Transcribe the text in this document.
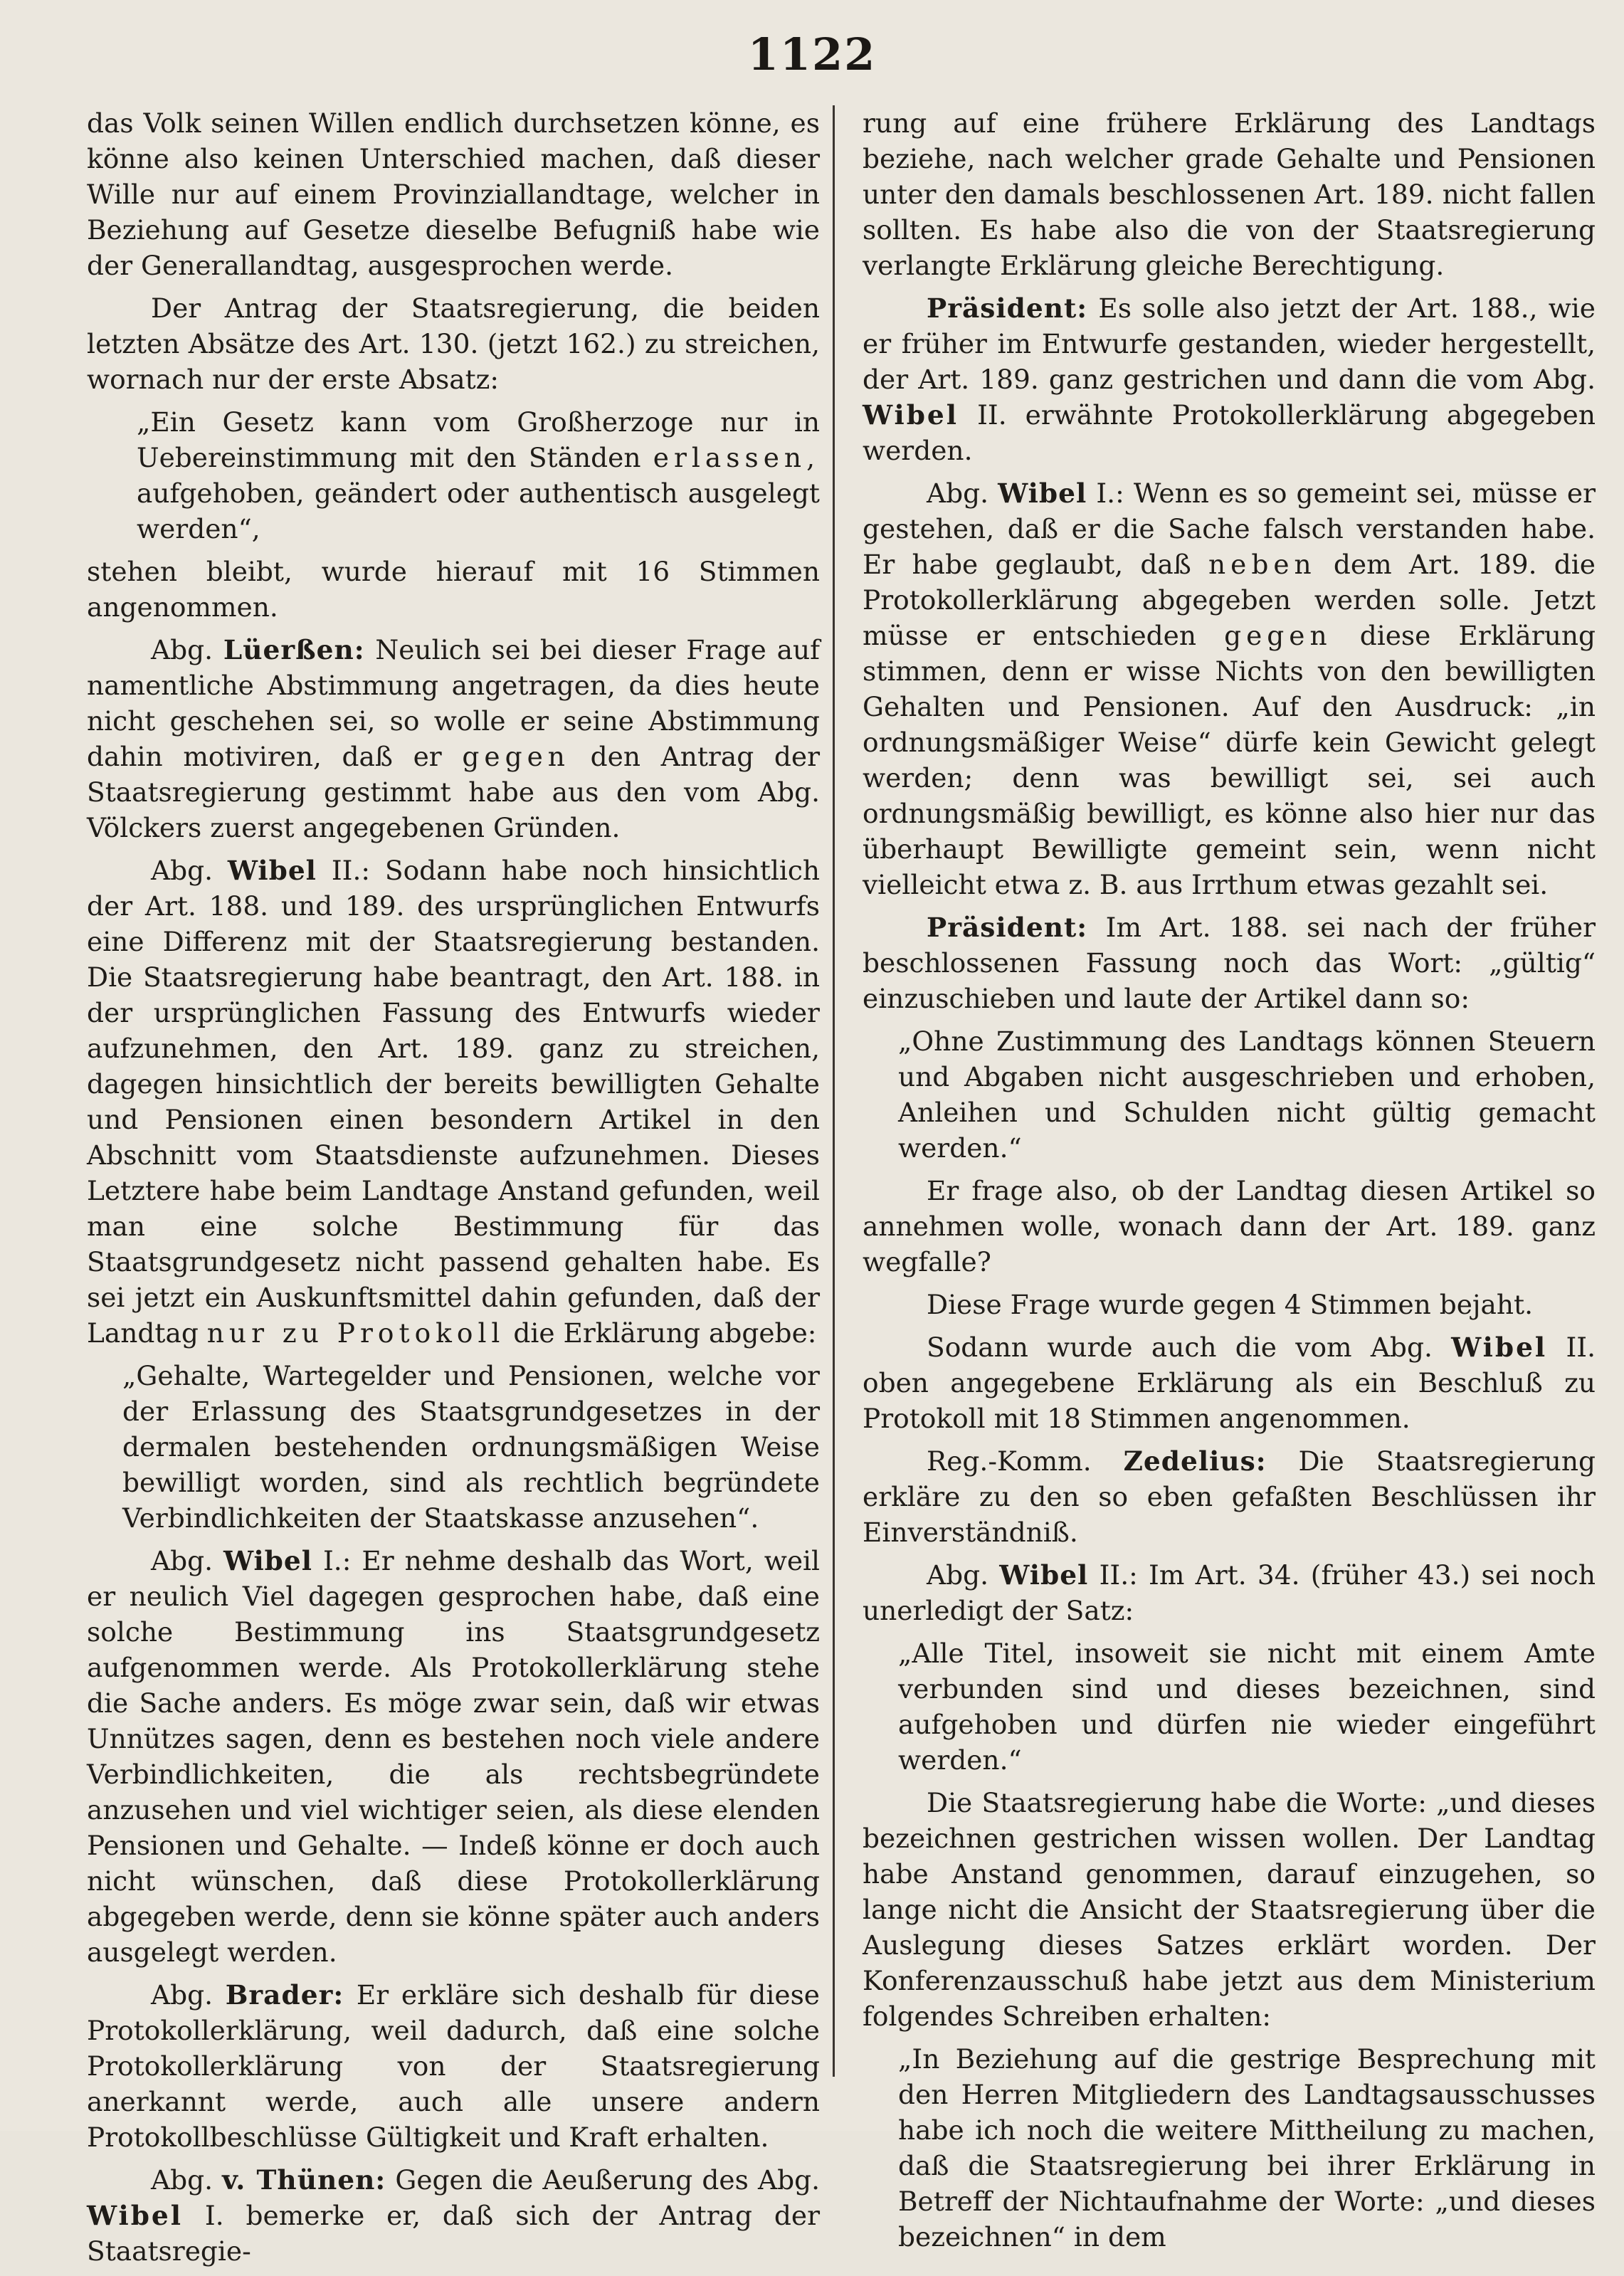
1122

das Volk seinen Willen endlich durchsetzen könne, es könne also keinen Unterschied machen, daß dieser Wille nur auf einem Provinziallandtage, welcher in Beziehung auf Gesetze dieselbe Befugniß habe wie der Generallandtag, ausgesprochen werde.

Der Antrag der Staatsregierung, die beiden letzten Absätze des Art. 130. (jetzt 162.) zu streichen, wornach nur der erste Absatz:

„Ein Gesetz kann vom Großherzoge nur in Uebereinstimmung mit den Ständen erlassen, aufgehoben, geändert oder authentisch ausgelegt werden“,

stehen bleibt, wurde hierauf mit 16 Stimmen angenommen.

Abg. Lüerßen: Neulich sei bei dieser Frage auf namentliche Abstimmung angetragen, da dies heute nicht geschehen sei, so wolle er seine Abstimmung dahin motiviren, daß er gegen den Antrag der Staatsregierung gestimmt habe aus den vom Abg. Völckers zuerst angegebenen Gründen.

Abg. Wibel II.: Sodann habe noch hinsichtlich der Art. 188. und 189. des ursprünglichen Entwurfs eine Differenz mit der Staatsregierung bestanden. Die Staatsregierung habe beantragt, den Art. 188. in der ursprünglichen Fassung des Entwurfs wieder aufzunehmen, den Art. 189. ganz zu streichen, dagegen hinsichtlich der bereits bewilligten Gehalte und Pensionen einen besondern Artikel in den Abschnitt vom Staatsdienste aufzunehmen. Dieses Letztere habe beim Landtage Anstand gefunden, weil man eine solche Bestimmung für das Staatsgrundgesetz nicht passend gehalten habe. Es sei jetzt ein Auskunftsmittel dahin gefunden, daß der Landtag nur zu Protokoll die Erklärung abgebe:

„Gehalte, Wartegelder und Pensionen, welche vor der Erlassung des Staatsgrundgesetzes in der dermalen bestehenden ordnungsmäßigen Weise bewilligt worden, sind als rechtlich begründete Verbindlichkeiten der Staatskasse anzusehen“.

Abg. Wibel I.: Er nehme deshalb das Wort, weil er neulich Viel dagegen gesprochen habe, daß eine solche Bestimmung ins Staatsgrundgesetz aufgenommen werde. Als Protokollerklärung stehe die Sache anders. Es möge zwar sein, daß wir etwas Unnützes sagen, denn es bestehen noch viele andere Verbindlichkeiten, die als rechtsbegründete anzusehen und viel wichtiger seien, als diese elenden Pensionen und Gehalte. — Indeß könne er doch auch nicht wünschen, daß diese Protokollerklärung abgegeben werde, denn sie könne später auch anders ausgelegt werden.

Abg. Brader: Er erkläre sich deshalb für diese Protokollerklärung, weil dadurch, daß eine solche Protokollerklärung von der Staatsregierung anerkannt werde, auch alle unsere andern Protokollbeschlüsse Gültigkeit und Kraft erhalten.

Abg. v. Thünen: Gegen die Aeußerung des Abg. Wibel I. bemerke er, daß sich der Antrag der Staatsregie-

rung auf eine frühere Erklärung des Landtags beziehe, nach welcher grade Gehalte und Pensionen unter den damals beschlossenen Art. 189. nicht fallen sollten. Es habe also die von der Staatsregierung verlangte Erklärung gleiche Berechtigung.

Präsident: Es solle also jetzt der Art. 188., wie er früher im Entwurfe gestanden, wieder hergestellt, der Art. 189. ganz gestrichen und dann die vom Abg. Wibel II. erwähnte Protokollerklärung abgegeben werden.

Abg. Wibel I.: Wenn es so gemeint sei, müsse er gestehen, daß er die Sache falsch verstanden habe. Er habe geglaubt, daß neben dem Art. 189. die Protokollerklärung abgegeben werden solle. Jetzt müsse er entschieden gegen diese Erklärung stimmen, denn er wisse Nichts von den bewilligten Gehalten und Pensionen. Auf den Ausdruck: „in ordnungsmäßiger Weise“ dürfe kein Gewicht gelegt werden; denn was bewilligt sei, sei auch ordnungsmäßig bewilligt, es könne also hier nur das überhaupt Bewilligte gemeint sein, wenn nicht vielleicht etwa z. B. aus Irrthum etwas gezahlt sei.

Präsident: Im Art. 188. sei nach der früher beschlossenen Fassung noch das Wort: „gültig“ einzuschieben und laute der Artikel dann so:

„Ohne Zustimmung des Landtags können Steuern und Abgaben nicht ausgeschrieben und erhoben, Anleihen und Schulden nicht gültig gemacht werden.“

Er frage also, ob der Landtag diesen Artikel so annehmen wolle, wonach dann der Art. 189. ganz wegfalle?

Diese Frage wurde gegen 4 Stimmen bejaht.

Sodann wurde auch die vom Abg. Wibel II. oben angegebene Erklärung als ein Beschluß zu Protokoll mit 18 Stimmen angenommen.

Reg.-Komm. Zedelius: Die Staatsregierung erkläre zu den so eben gefaßten Beschlüssen ihr Einverständniß.

Abg. Wibel II.: Im Art. 34. (früher 43.) sei noch unerledigt der Satz:

„Alle Titel, insoweit sie nicht mit einem Amte verbunden sind und dieses bezeichnen, sind aufgehoben und dürfen nie wieder eingeführt werden.“

Die Staatsregierung habe die Worte: „und dieses bezeichnen gestrichen wissen wollen. Der Landtag habe Anstand genommen, darauf einzugehen, so lange nicht die Ansicht der Staatsregierung über die Auslegung dieses Satzes erklärt worden. Der Konferenzausschuß habe jetzt aus dem Ministerium folgendes Schreiben erhalten:

„In Beziehung auf die gestrige Besprechung mit den Herren Mitgliedern des Landtagsausschusses habe ich noch die weitere Mittheilung zu machen, daß die Staatsregierung bei ihrer Erklärung in Betreff der Nichtaufnahme der Worte: „und dieses bezeichnen“ in dem
